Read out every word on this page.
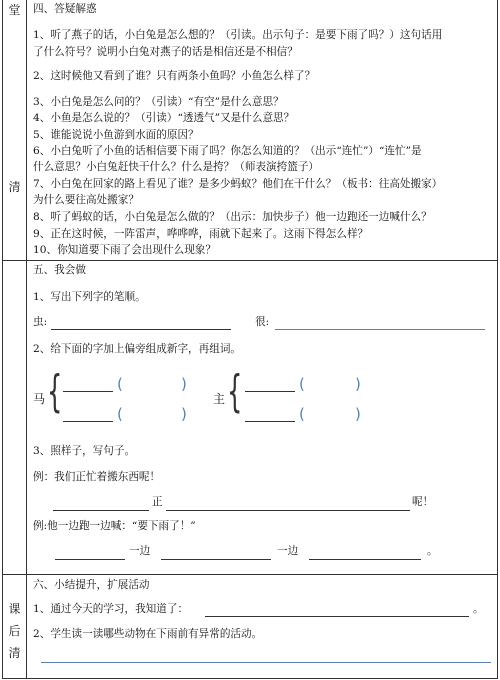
堂
清
课
后
清
四、答疑解惑
1、听了燕子的话，小白兔是怎么想的？（引读。出示句子：是要下雨了吗？）这句话用
了什么符号？说明小白兔对燕子的话是相信还是不相信？
2、这时候他又看到了谁？只有两条小鱼吗？小鱼怎么样了？
3、小白兔是怎么问的？（引读）“有空”是什么意思？
4、小鱼是怎么说的？（引读）“透透气”又是什么意思？
5、谁能说说小鱼游到水面的原因？
6、小白兔听了小鱼的话相信要下雨了吗？你怎么知道的？（出示“连忙”）“连忙”是
什么意思？小白兔赶快干什么？什么是挎？（师表演挎篮子）
7、小白兔在回家的路上看见了谁？是多少蚂蚁？他们在干什么？（板书：往高处搬家）
为什么要往高处搬家？
8、听了蚂蚁的话，小白兔是怎么做的？（出示：加快步子）他一边跑还一边喊什么？
9、正在这时候，一阵雷声，哗哗哗，雨就下起来了。这雨下得怎么样？
10、你知道要下雨了会出现什么现象？
五、我会做
1、写出下列字的笔顺。
虫:	很:
2、给下面的字加上偏旁组成新字，再组词。
马 {	(	)
(	)
主 {	(	)
(	)
3、照样子，写句子。
例：我们正忙着搬东西呢！
正	呢！
例:他一边跑一边喊：“要下雨了！”
一边	一边	。
六、小结提升，扩展活动
1、通过今天的学习，我知道了：	。
2、学生读一读哪些动物在下雨前有异常的活动。
